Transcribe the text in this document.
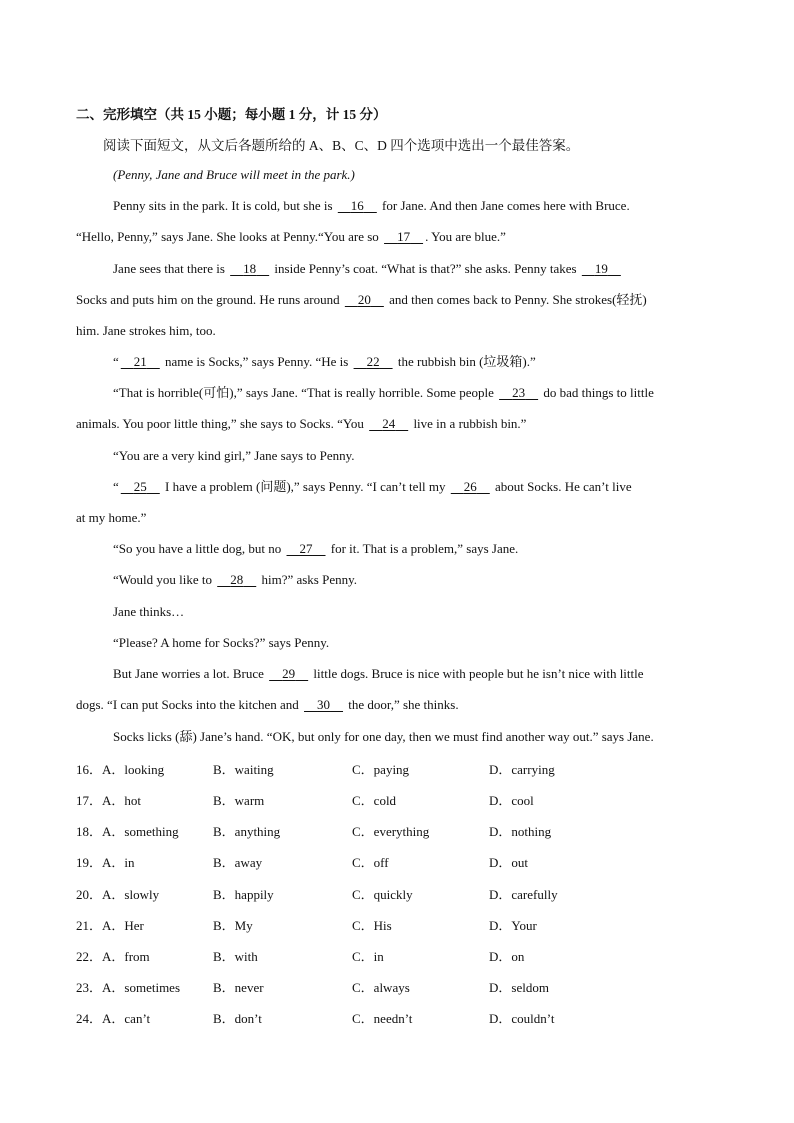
二、完形填空（共 15 小题；每小题 1 分，计 15 分）
阅读下面短文，从文后各题所给的 A、B、C、D 四个选项中选出一个最佳答案。
(Penny, Jane and Bruce will meet in the park.)
Penny sits in the park. It is cold, but she is     16     for Jane. And then Jane comes here with Bruce.
“Hello, Penny,” says Jane. She looks at Penny.“You are so     17 . You are blue.”
Jane sees that there is     18     inside Penny’s coat. “What is that?” she asks. Penny takes     19
Socks and puts him on the ground. He runs around     20     and then comes back to Penny. She strokes(轻抚)
him. Jane strokes him, too.
“ 21     name is Socks,” says Penny. “He is     22     the rubbish bin (垃圾箱).”
“That is horrible(可怕),” says Jane. “That is really horrible. Some people     23     do bad things to little
animals. You poor little thing,” she says to Socks. “You     24     live in a rubbish bin.”
“You are a very kind girl,” Jane says to Penny.
“ 25     I have a problem (问题),” says Penny. “I can’t tell my     26     about Socks. He can’t live
at my home.”
“So you have a little dog, but no     27     for it. That is a problem,” says Jane.
“Would you like to     28     him?” asks Penny.
Jane thinks…
“Please? A home for Socks?” says Penny.
But Jane worries a lot. Bruce     29     little dogs. Bruce is nice with people but he isn’t nice with little
dogs. “I can put Socks into the kitchen and     30     the door,” she thinks.
Socks licks (舔) Jane’s hand. “OK, but only for one day, then we must find another way out.” says Jane.
16．A．looking	B．waiting	C．paying	D．carrying
17．A．hot	B．warm	C．cold	D．cool
18．A．something	B．anything	C．everything	D．nothing
19．A．in	B．away	C．off	D．out
20．A．slowly	B．happily	C．quickly	D．carefully
21．A．Her	B．My	C．His	D．Your
22．A．from	B．with	C．in	D．on
23．A．sometimes	B．never	C．always	D．seldom
24．A．can’t	B．don’t	C．needn’t	D．couldn’t
